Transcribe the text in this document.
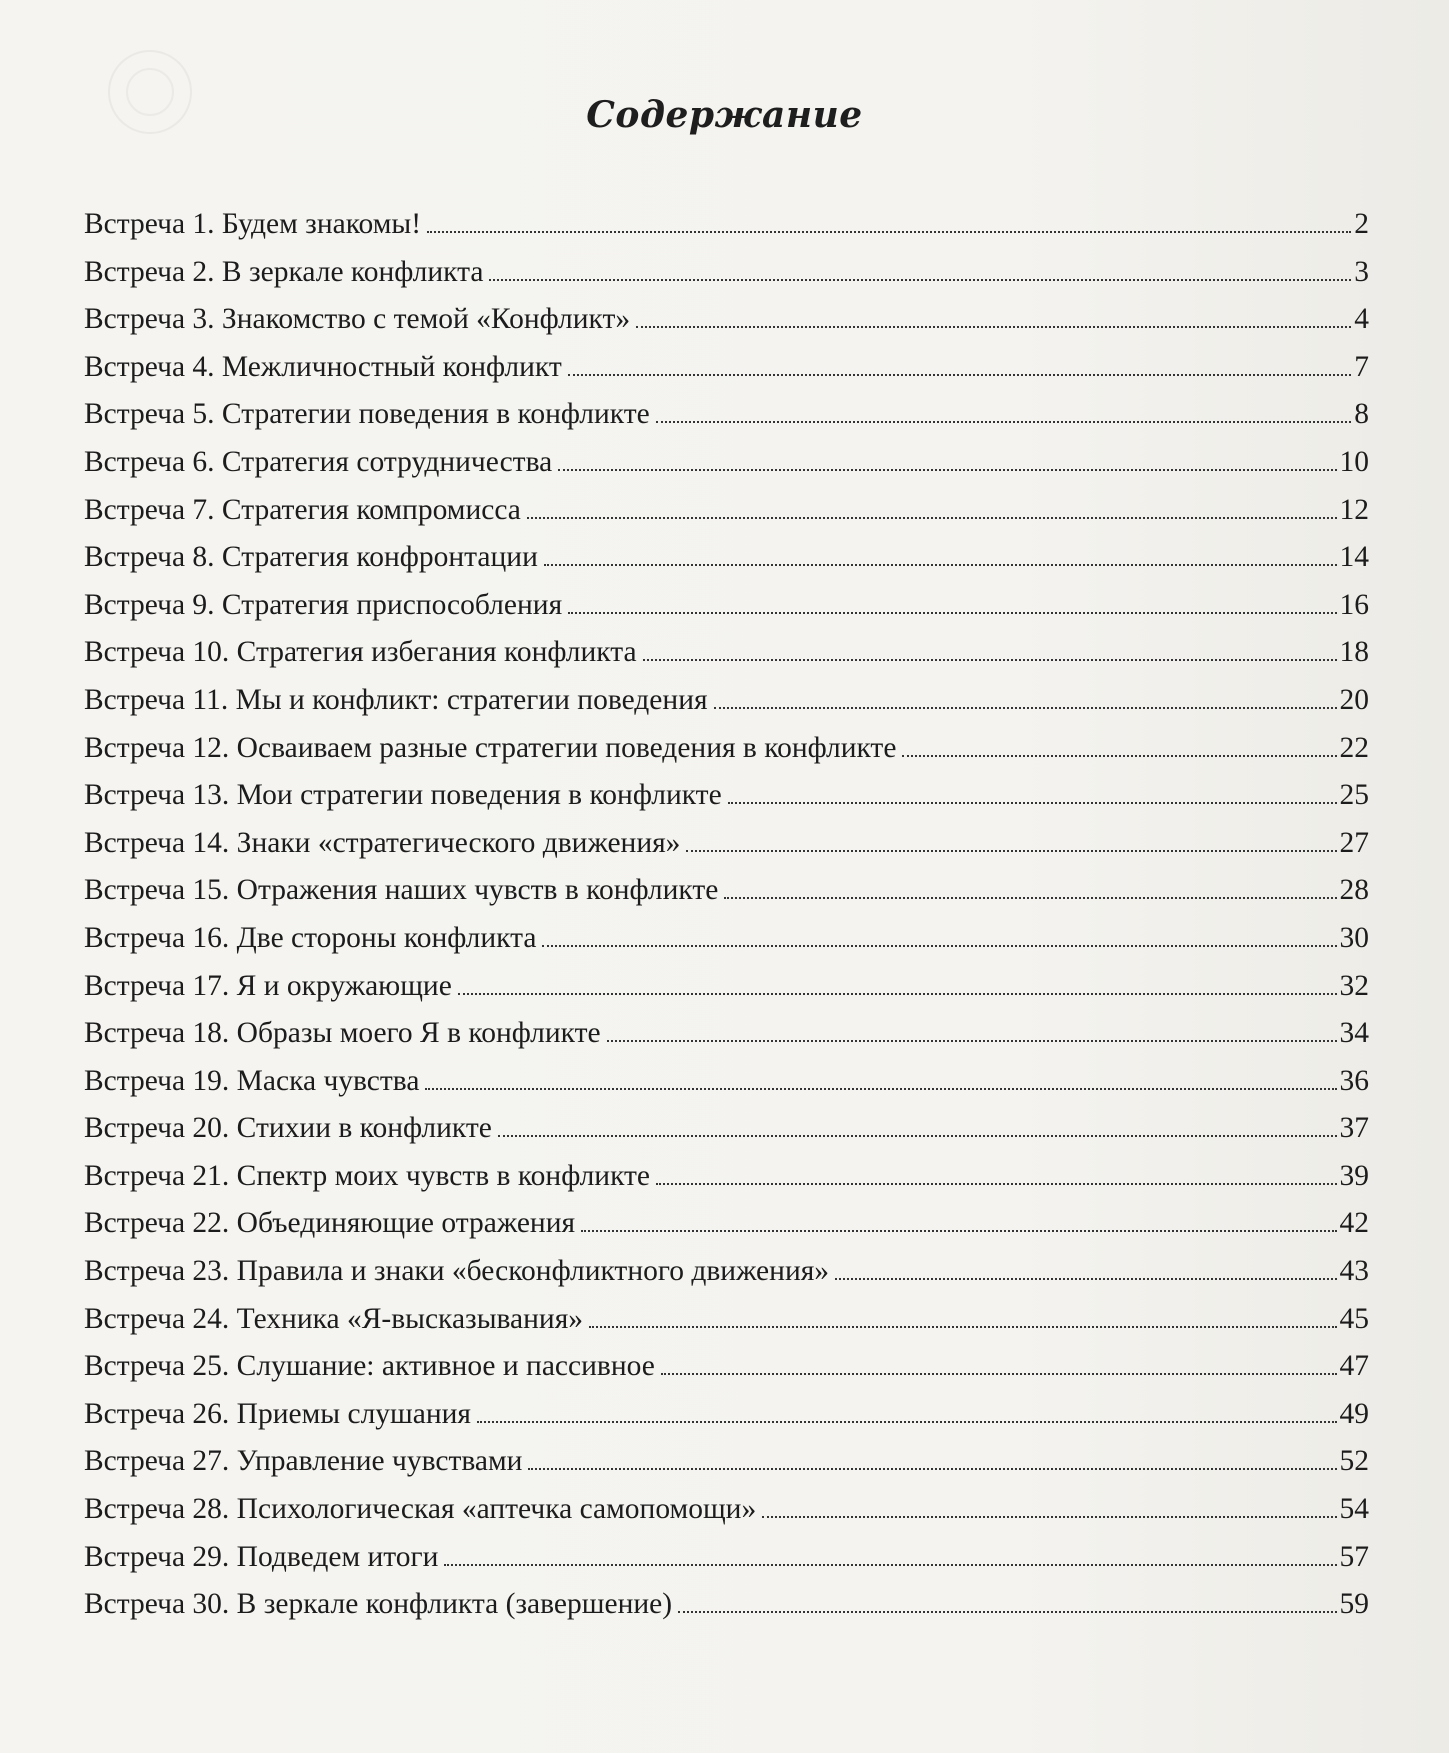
Содержание
Встреча 1. Будем знакомы!	2
Встреча 2. В зеркале конфликта	3
Встреча 3. Знакомство с темой «Конфликт»	4
Встреча 4. Межличностный конфликт	7
Встреча 5. Стратегии поведения в конфликте	8
Встреча 6. Стратегия сотрудничества	10
Встреча 7. Стратегия компромисса	12
Встреча 8. Стратегия конфронтации	14
Встреча 9. Стратегия приспособления	16
Встреча 10. Стратегия избегания конфликта	18
Встреча 11. Мы и конфликт: стратегии поведения	20
Встреча 12. Осваиваем разные стратегии поведения в конфликте	22
Встреча 13. Мои стратегии поведения в конфликте	25
Встреча 14. Знаки «стратегического движения»	27
Встреча 15. Отражения наших чувств в конфликте	28
Встреча 16. Две стороны конфликта	30
Встреча 17. Я и окружающие	32
Встреча 18. Образы моего Я в конфликте	34
Встреча 19. Маска чувства	36
Встреча 20. Стихии в конфликте	37
Встреча 21. Спектр моих чувств в конфликте	39
Встреча 22. Объединяющие отражения	42
Встреча 23. Правила и знаки «бесконфликтного движения»	43
Встреча 24. Техника «Я-высказывания»	45
Встреча 25. Слушание: активное и пассивное	47
Встреча 26. Приемы слушания	49
Встреча 27. Управление чувствами	52
Встреча 28. Психологическая «аптечка самопомощи»	54
Встреча 29. Подведем итоги	57
Встреча 30. В зеркале конфликта (завершение)	59
